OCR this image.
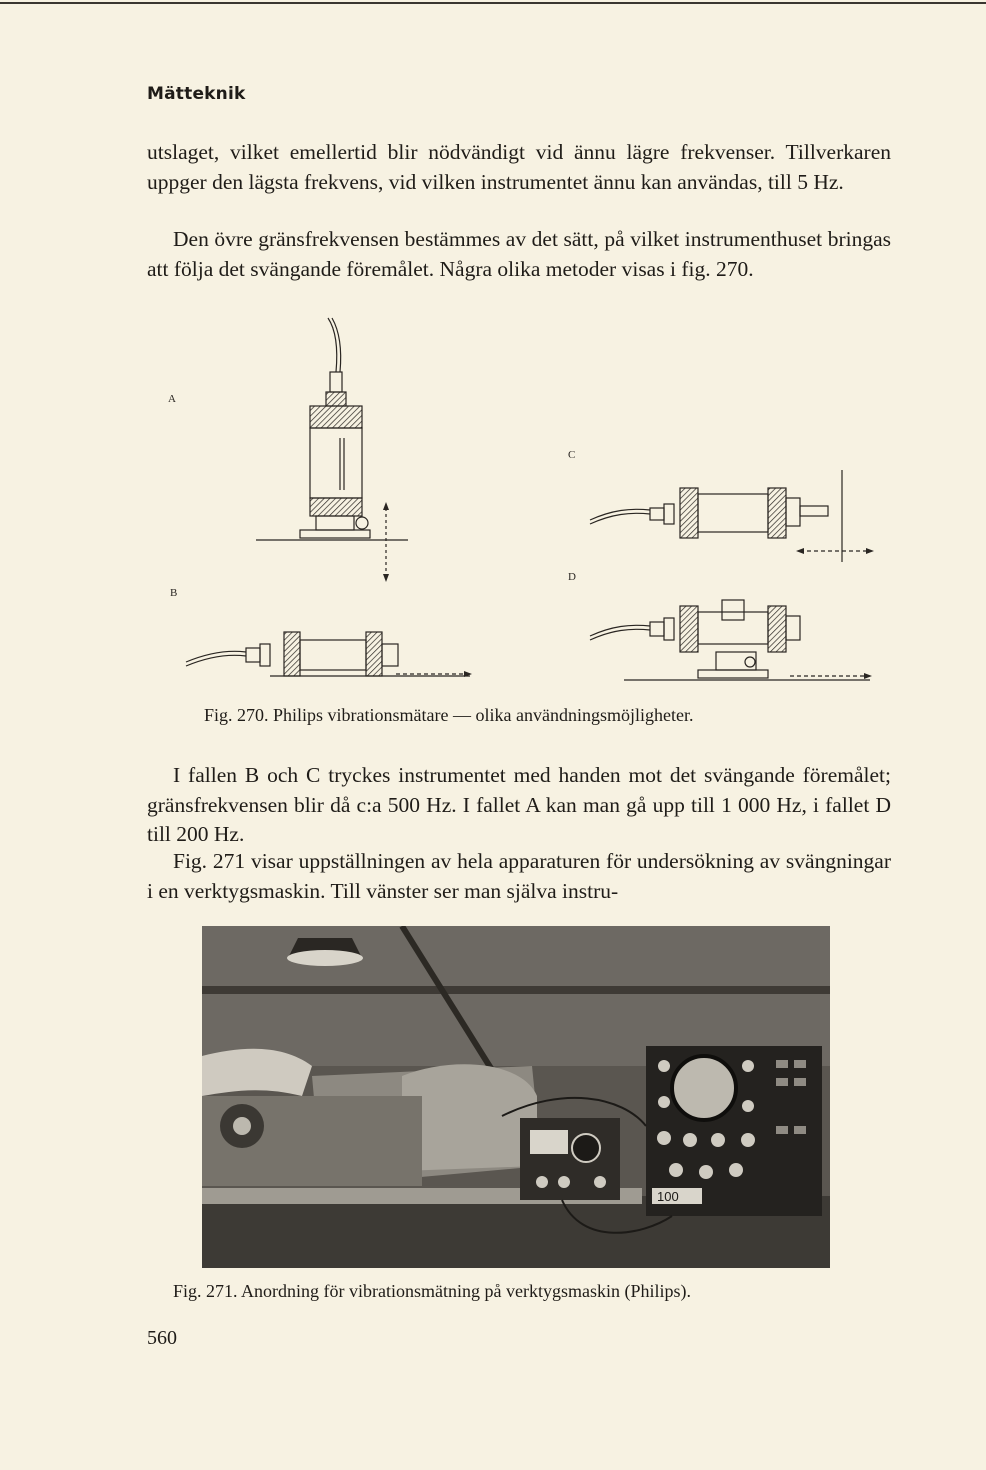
Mätteknik

utslaget, vilket emellertid blir nödvändigt vid ännu lägre frekvenser. Tillverkaren uppger den lägsta frekvens, vid vilken instrumentet ännu kan användas, till 5 Hz.

Den övre gränsfrekvensen bestämmes av det sätt, på vilket instrumenthuset bringas att följa det svängande föremålet. Några olika metoder visas i fig. 270.

A
B
C
D
Fig. 270. Philips vibrationsmätare — olika användningsmöjligheter.

I fallen B och C tryckes instrumentet med handen mot det svängande föremålet; gränsfrekvensen blir då c:a 500 Hz. I fallet A kan man gå upp till 1 000 Hz, i fallet D till 200 Hz.

Fig. 271 visar uppställningen av hela apparaturen för undersökning av svängningar i en verktygsmaskin. Till vänster ser man själva instru-

100
Fig. 271. Anordning för vibrationsmätning på verktygsmaskin (Philips).
560
